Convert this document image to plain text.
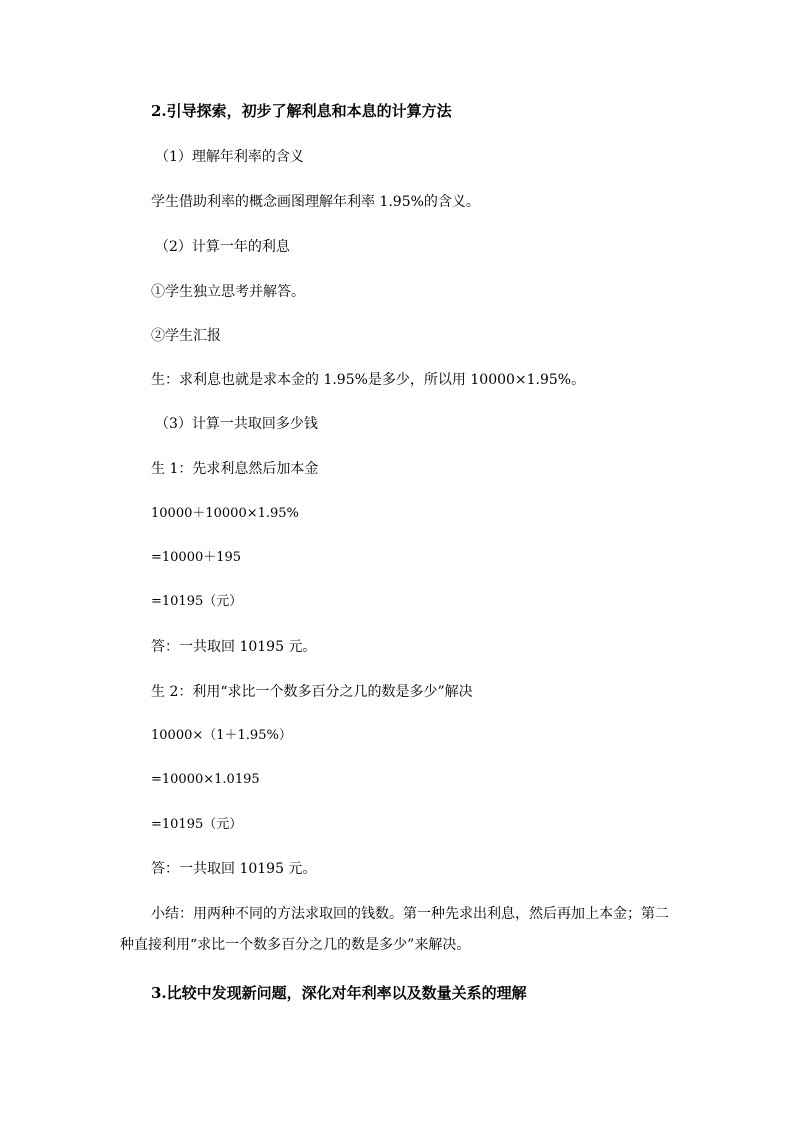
2.引导探索，初步了解利息和本息的计算方法
（1）理解年利率的含义
学生借助利率的概念画图理解年利率 1.95%的含义。
（2）计算一年的利息
①学生独立思考并解答。
②学生汇报
生：求利息也就是求本金的 1.95%是多少，所以用 10000×1.95%。
（3）计算一共取回多少钱
生 1：先求利息然后加本金
10000＋10000×1.95%
=10000＋195
=10195（元）
答：一共取回 10195 元。
生 2：利用“求比一个数多百分之几的数是多少”解决
10000×（1＋1.95%）
=10000×1.0195
=10195（元）
答：一共取回 10195 元。
小结：用两种不同的方法求取回的钱数。第一种先求出利息，然后再加上本金；第二种直接利用“求比一个数多百分之几的数是多少”来解决。
3.比较中发现新问题，深化对年利率以及数量关系的理解
